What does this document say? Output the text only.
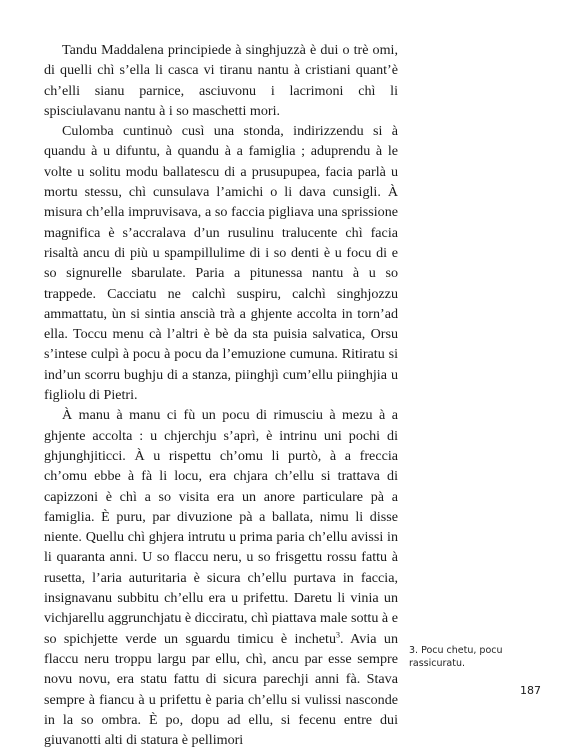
Tandu Maddalena principiede à singhjuzzà è dui o trè omi, di quelli chì s’ella li casca vi tiranu nantu à cristiani quant’è ch’elli sianu parnice, asciuvonu i lacrimoni chì li spisciulavanu nantu à i so maschetti mori.

Culomba cuntinuò cusì una stonda, indirizzendu si à quandu à u difuntu, à quandu à a famiglia ; aduprendu à le volte u solitu modu ballatescu di a prusupupea, facia parlà u mortu stessu, chì cunsulava l’amichi o li dava cunsigli. À misura ch’ella impruvisava, a so faccia pigliava una sprissione magnifica è s’accralava d’un rusulinu tralucente chì facia risaltà ancu di più u spampillulime di i so denti è u focu di e so signurelle sbarulate. Paria a pitunessa nantu à u so trappede. Cacciatu ne calchì suspiru, calchì singhjozzu ammattatu, ùn si sintia anscià trà a ghjente accolta in torn’ad ella. Toccu menu cà l’altri è bè da sta puisia salvatica, Orsu s’intese culpì à pocu à pocu da l’emuzione cumuna. Ritiratu si ind’un scorru bughju di a stanza, piinghjì cum’ellu piinghjia u figliolu di Pietri.

À manu à manu ci fù un pocu di rimusciu à mezu à a ghjente accolta : u chjerchju s’aprì, è intrinu uni pochi di ghjunghjiticci. À u rispettu ch’omu li purtò, à a freccia ch’omu ebbe à fà li locu, era chjara ch’ellu si trattava di capizzoni è chì a so visita era un anore particulare pà a famiglia. È puru, par divuzione pà a ballata, nimu li disse niente. Quellu chì ghjera intrutu u prima paria ch’ellu avissi in li quaranta anni. U so flaccu neru, u so frisgettu rossu fattu à rusetta, l’aria auturitaria è sicura ch’ellu purtava in faccia, insignavanu subbitu ch’ellu era u prifettu. Daretu li vinia un vichjarellu aggrunchjatu è dicciratu, chì piattava male sottu à e so spichjette verde un sguardu timicu è inchetu$^3$. Avia un flaccu neru troppu largu par ellu, chì, ancu par esse sempre novu novu, era statu fattu di sicura parechji anni fà. Stava sempre à fiancu à u prifettu è paria ch’ellu si vulissi nasconde in la so ombra. È po, dopu ad ellu, si fecenu entre dui giuvanotti alti di statura è pellimori

3. Pocu chetu, pocu rassicuratu.
187
